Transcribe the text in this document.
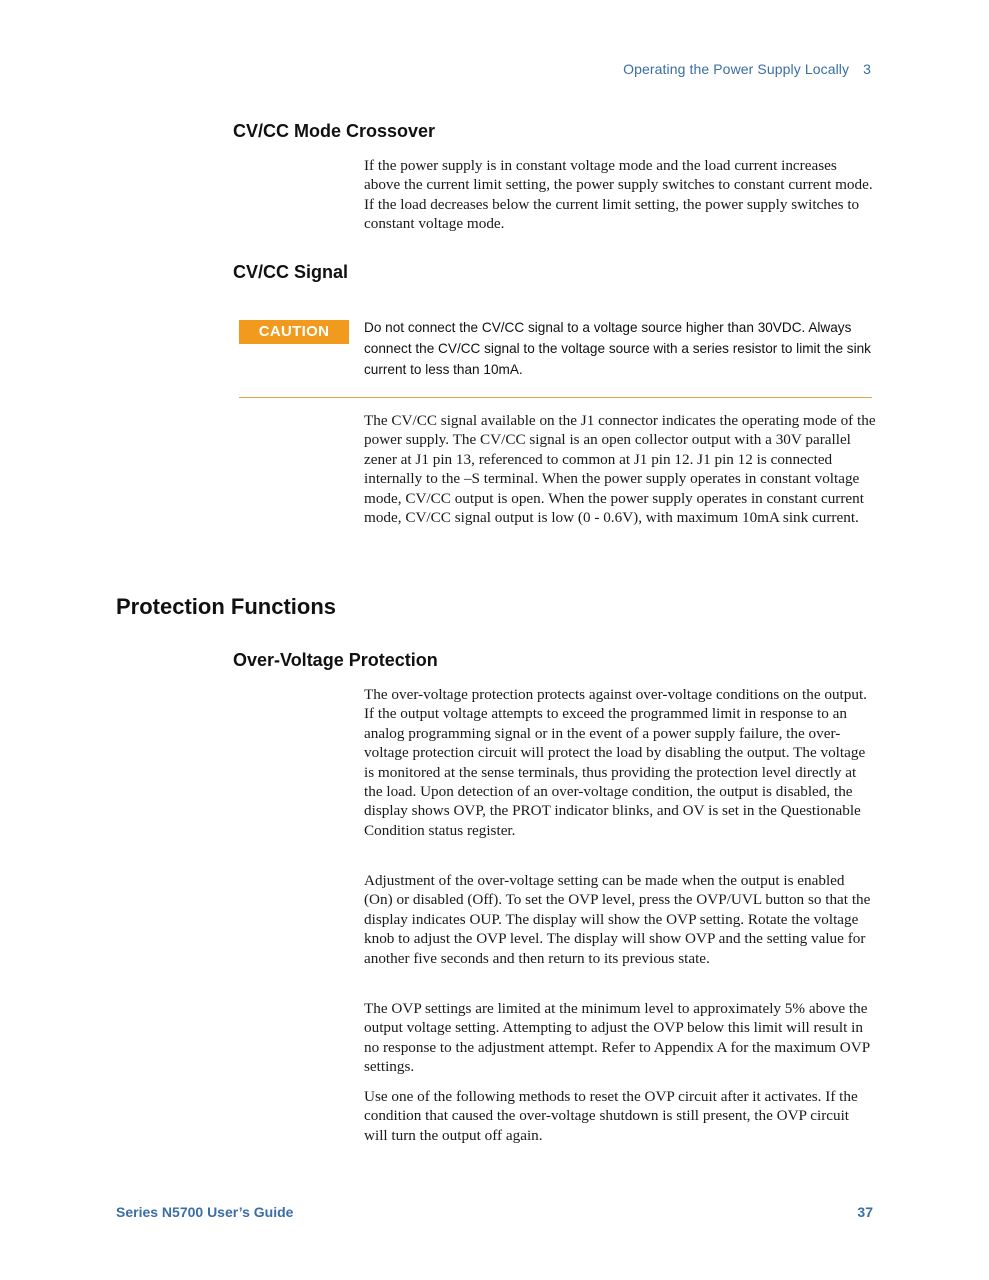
Operating the Power Supply Locally 3
CV/CC Mode Crossover

If the power supply is in constant voltage mode and the load current increases above the current limit setting, the power supply switches to constant current mode. If the load decreases below the current limit setting, the power supply switches to constant voltage mode.

CV/CC Signal
CAUTION	Do not connect the CV/CC signal to a voltage source higher than 30VDC. Always connect the CV/CC signal to the voltage source with a series resistor to limit the sink current to less than 10mA.

The CV/CC signal available on the J1 connector indicates the operating mode of the power supply. The CV/CC signal is an open collector output with a 30V parallel zener at J1 pin 13, referenced to common at J1 pin 12. J1 pin 12 is connected internally to the –S terminal. When the power supply operates in constant voltage mode, CV/CC output is open. When the power supply operates in constant current mode, CV/CC signal output is low (0 - 0.6V), with maximum 10mA sink current.

Protection Functions
Over-Voltage Protection

The over-voltage protection protects against over-voltage conditions on the output. If the output voltage attempts to exceed the programmed limit in response to an analog programming signal or in the event of a power supply failure, the over-voltage protection circuit will protect the load by disabling the output. The voltage is monitored at the sense terminals, thus providing the protection level directly at the load. Upon detection of an over-voltage condition, the output is disabled, the display shows OVP, the PROT indicator blinks, and OV is set in the Questionable Condition status register.

Adjustment of the over-voltage setting can be made when the output is enabled (On) or disabled (Off). To set the OVP level, press the OVP/UVL button so that the display indicates OUP. The display will show the OVP setting. Rotate the voltage knob to adjust the OVP level. The display will show OVP and the setting value for another five seconds and then return to its previous state.

The OVP settings are limited at the minimum level to approximately 5% above the output voltage setting. Attempting to adjust the OVP below this limit will result in no response to the adjustment attempt. Refer to Appendix A for the maximum OVP settings.

Use one of the following methods to reset the OVP circuit after it activates. If the condition that caused the over-voltage shutdown is still present, the OVP circuit will turn the output off again.

Series N5700 User’s Guide	37
